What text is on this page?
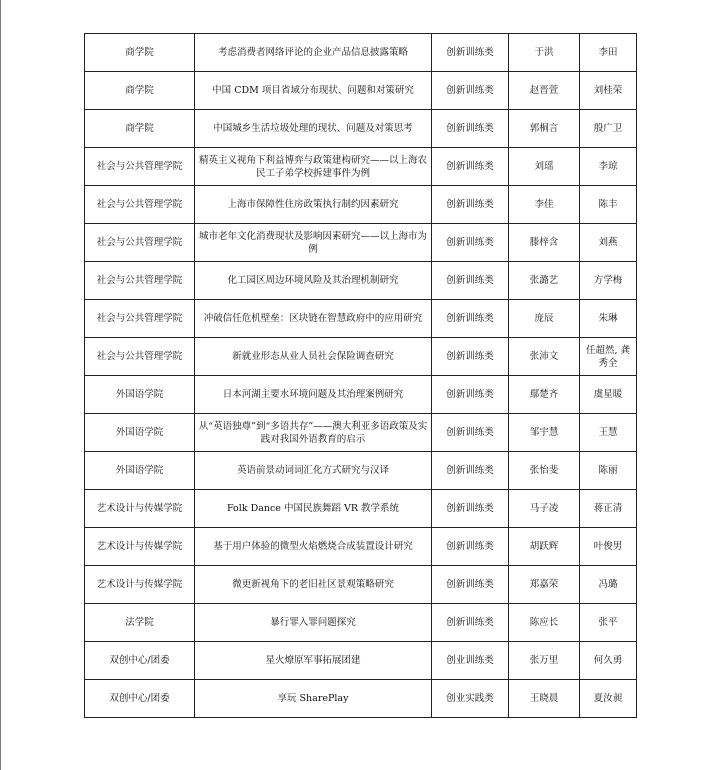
商学院	考虑消费者网络评论的企业产品信息披露策略	创新训练类	于洪	李田
商学院	中国 CDM 项目省域分布现状、问题和对策研究	创新训练类	赵晋萱	刘桂荣
商学院	中国城乡生活垃圾处理的现状、问题及对策思考	创新训练类	郭桐言	殷广卫
社会与公共管理学院	精英主义视角下利益博弈与政策建构研究——以上海农民工子弟学校拆建事件为例	创新训练类	刘瑶	李琼
社会与公共管理学院	上海市保障性住房政策执行制约因素研究	创新训练类	李佳	陈丰
社会与公共管理学院	城市老年文化消费现状及影响因素研究——以上海市为例	创新训练类	滕梓含	刘燕
社会与公共管理学院	化工园区周边环境风险及其治理机制研究	创新训练类	张潞艺	方学梅
社会与公共管理学院	冲破信任危机壁垒：区块链在智慧政府中的应用研究	创新训练类	庞辰	朱琳
社会与公共管理学院	新就业形态从业人员社会保险调查研究	创新训练类	张沛文	任超然, 龚秀全
外国语学院	日本河湖主要水环境问题及其治理案例研究	创新训练类	鄢楚齐	虞星暖
外国语学院	从“英语独尊”到“多语共存”——澳大利亚多语政策及实践对我国外语教育的启示	创新训练类	邹宇慧	王慧
外国语学院	英语前景动词词汇化方式研究与汉译	创新训练类	张怡斐	陈丽
艺术设计与传媒学院	Folk Dance 中国民族舞蹈 VR 教学系统	创新训练类	马子凌	蒋正清
艺术设计与传媒学院	基于用户体验的微型火焰燃烧合成装置设计研究	创新训练类	胡跃辉	叶俊男
艺术设计与传媒学院	微更新视角下的老旧社区景观策略研究	创新训练类	郑嘉荣	冯璐
法学院	暴行罪入罪问题探究	创新训练类	陈应长	张平
双创中心/团委	星火燎原军事拓展团建	创业训练类	张万里	何久勇
双创中心/团委	享玩 SharePlay	创业实践类	王晓晨	夏汝昶
